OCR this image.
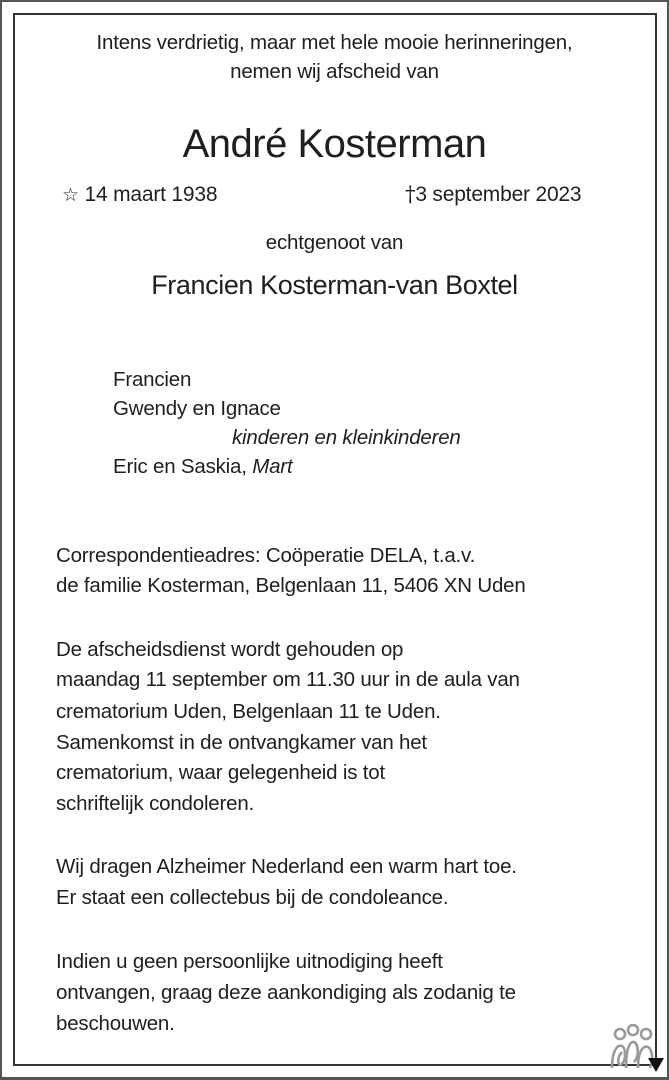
Intens verdrietig, maar met hele mooie herinneringen,
nemen wij afscheid van
André Kosterman
☆ 14 maart 1938	†3 september 2023
echtgenoot van
Francien Kosterman-van Boxtel
Francien
Gwendy en Ignace
kinderen en kleinkinderen
Eric en Saskia, Mart
Correspondentieadres: Coöperatie DELA, t.a.v.
de familie Kosterman, Belgenlaan 11, 5406 XN Uden
De afscheidsdienst wordt gehouden op
maandag 11 september om 11.30 uur in de aula van
crematorium Uden, Belgenlaan 11 te Uden.
Samenkomst in de ontvangkamer van het
crematorium, waar gelegenheid is tot
schriftelijk condoleren.
Wij dragen Alzheimer Nederland een warm hart toe.
Er staat een collectebus bij de condoleance.
Indien u geen persoonlijke uitnodiging heeft
ontvangen, graag deze aankondiging als zodanig te
beschouwen.
